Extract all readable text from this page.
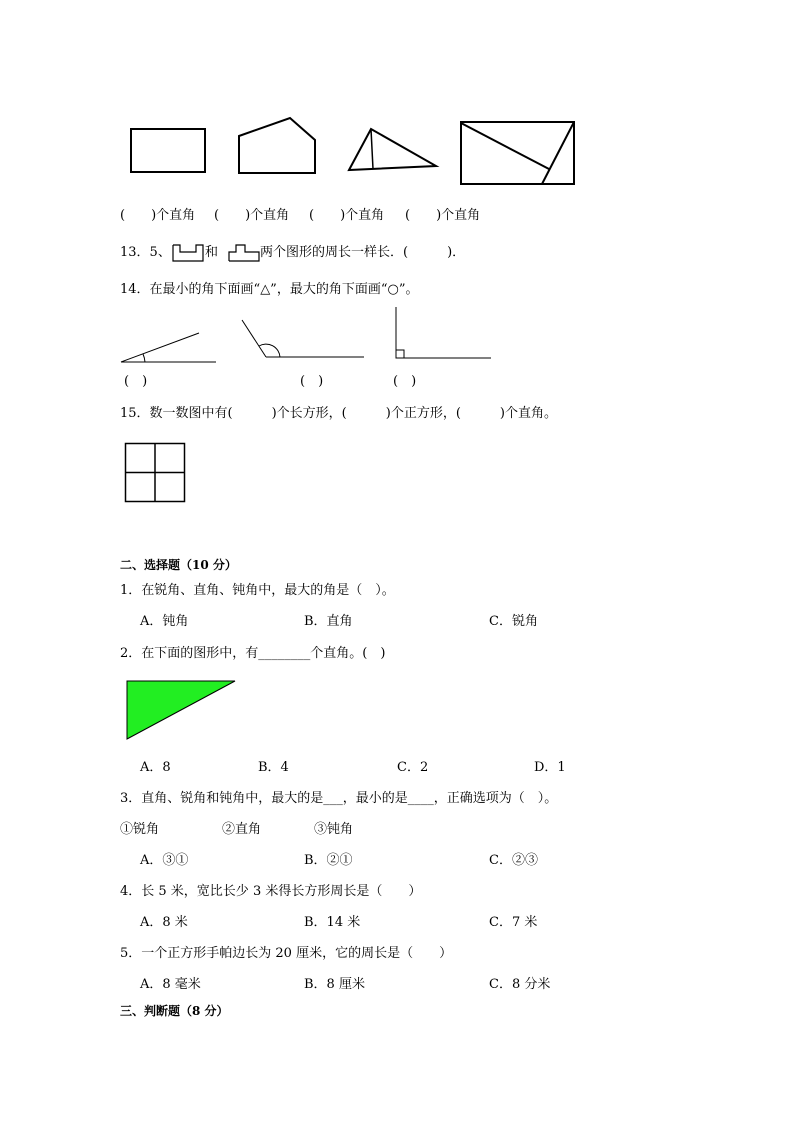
(　　)个直角 (　　)个直角 (　　)个直角 (　　)个直角
13．5、	和	两个图形的周长一样长．(　　　)．
14．在最小的角下面画“△”，最大的角下面画“○”。
(　)	(　)	(　)
15．数一数图中有(　　　)个长方形，(　　　)个正方形，(　　　)个直角。
二、选择题（10 分）
1．在锐角、直角、钝角中，最大的角是（　）。
A．钝角	B．直角	C．锐角
2．在下面的图形中，有________个直角。(　)
A．8	B．4	C．2	D．1
3．直角、锐角和钝角中，最大的是___，最小的是____，正确选项为（　）。
①锐角	②直角	③钝角
A．③①	B．②①	C．②③
4．长 5 米，宽比长少 3 米得长方形周长是（　　）
A．8 米	B．14 米	C．7 米
5．一个正方形手帕边长为 20 厘米，它的周长是（　　）
A．8 毫米	B．8 厘米	C．8 分米
三、判断题（8 分）
